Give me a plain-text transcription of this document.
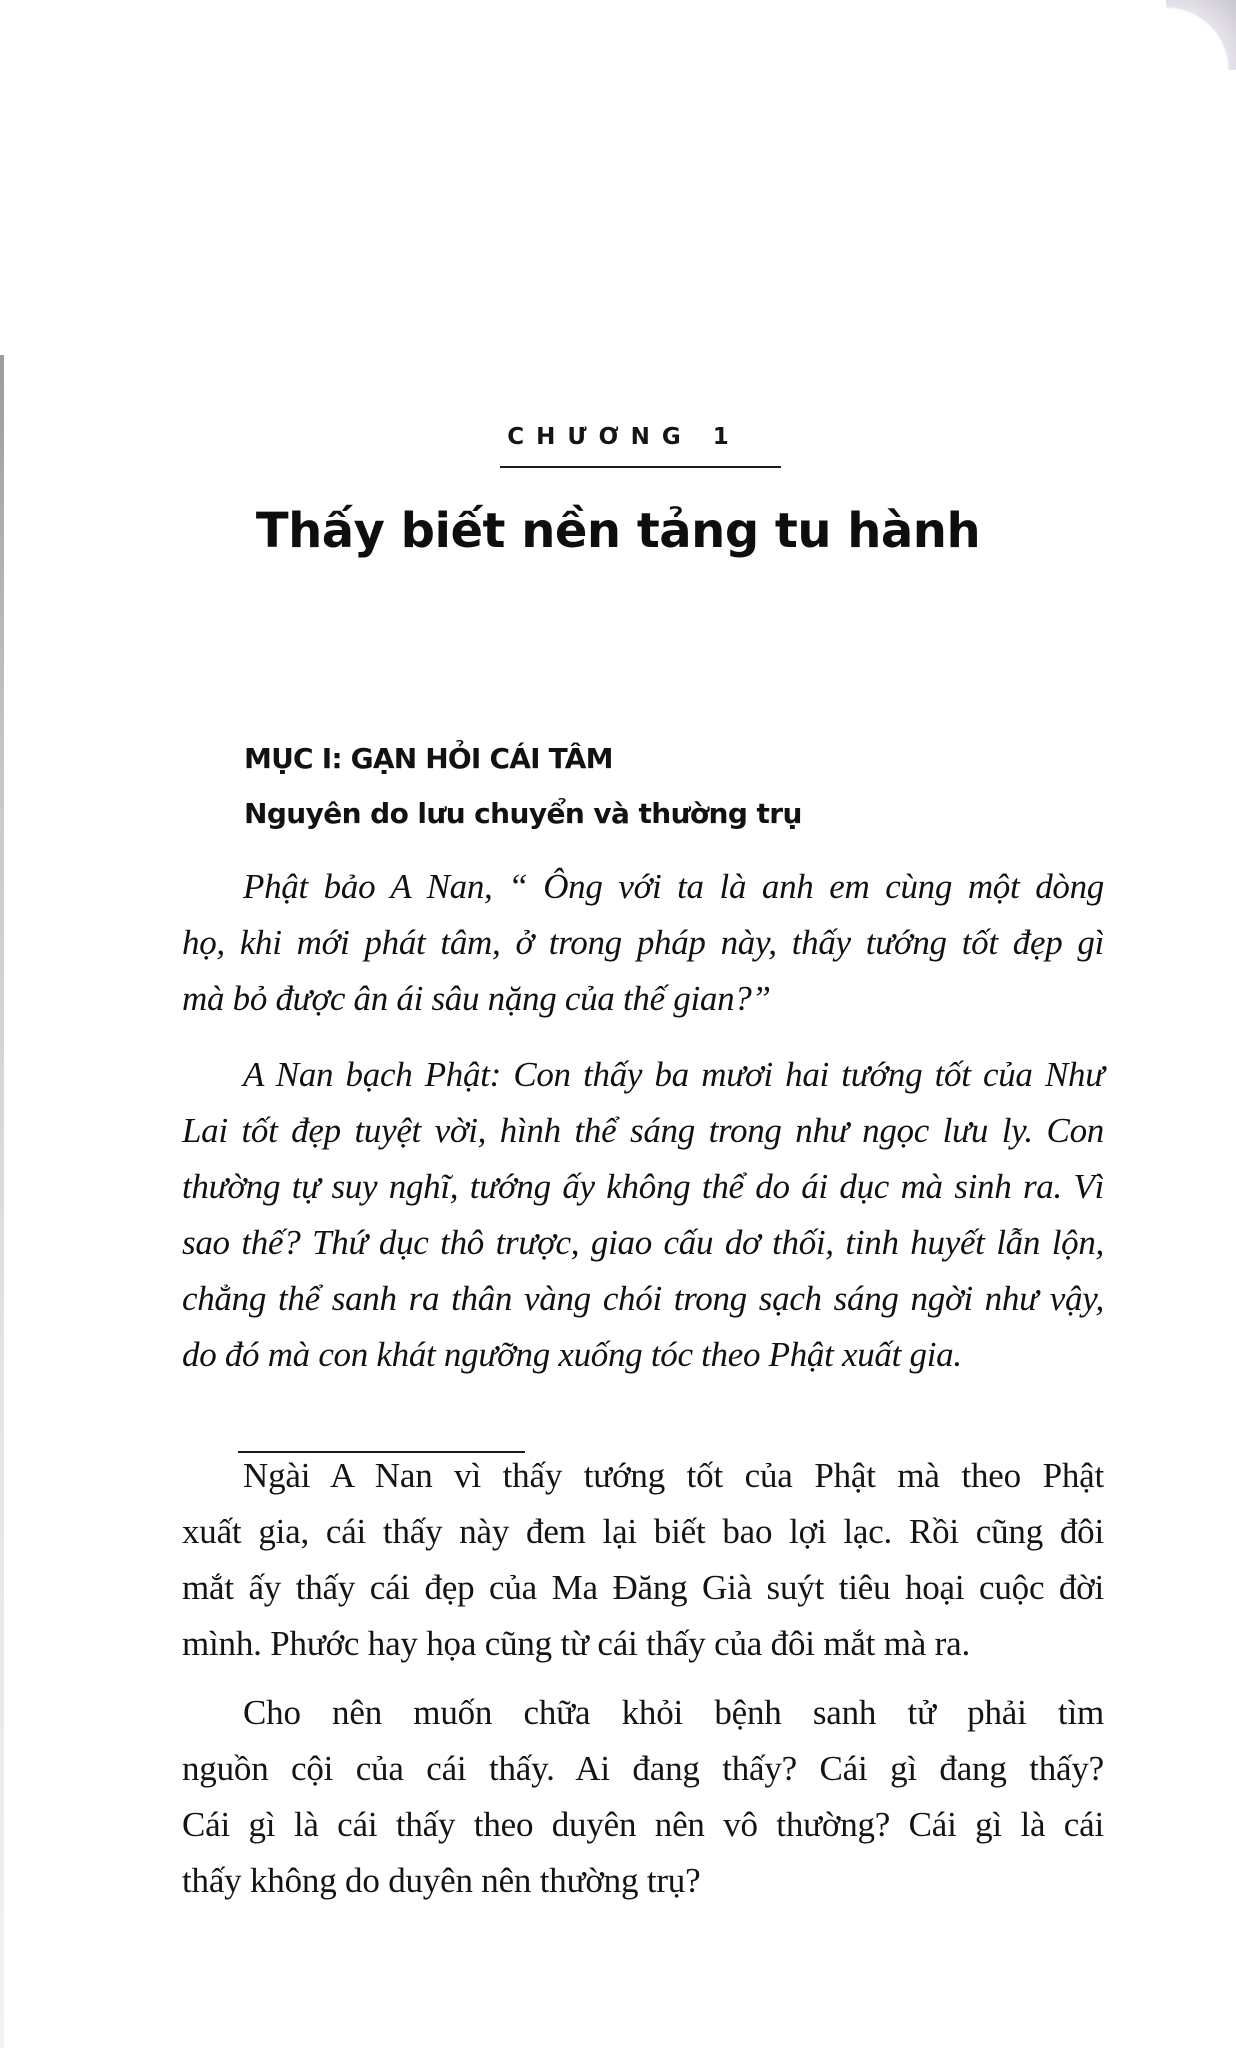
CHƯƠNG 1
Thấy biết nền tảng tu hành
MỤC I: GẠN HỎI CÁI TÂM
Nguyên do lưu chuyển và thường trụ
Phật bảo A Nan, “ Ông với ta là anh em cùng một dòng
họ, khi mới phát tâm, ở trong pháp này, thấy tướng tốt đẹp gì
mà bỏ được ân ái sâu nặng của thế gian?”
A Nan bạch Phật: Con thấy ba mươi hai tướng tốt của Như
Lai tốt đẹp tuyệt vời, hình thể sáng trong như ngọc lưu ly. Con
thường tự suy nghĩ, tướng ấy không thể do ái dục mà sinh ra. Vì
sao thế? Thứ dục thô trược, giao cấu dơ thối, tinh huyết lẫn lộn,
chẳng thể sanh ra thân vàng chói trong sạch sáng ngời như vậy,
do đó mà con khát ngưỡng xuống tóc theo Phật xuất gia.
Ngài A Nan vì thấy tướng tốt của Phật mà theo Phật
xuất gia, cái thấy này đem lại biết bao lợi lạc. Rồi cũng đôi
mắt ấy thấy cái đẹp của Ma Đăng Già suýt tiêu hoại cuộc đời
mình. Phước hay họa cũng từ cái thấy của đôi mắt mà ra.
Cho nên muốn chữa khỏi bệnh sanh tử phải tìm
nguồn cội của cái thấy. Ai đang thấy? Cái gì đang thấy?
Cái gì là cái thấy theo duyên nên vô thường? Cái gì là cái
thấy không do duyên nên thường trụ?
